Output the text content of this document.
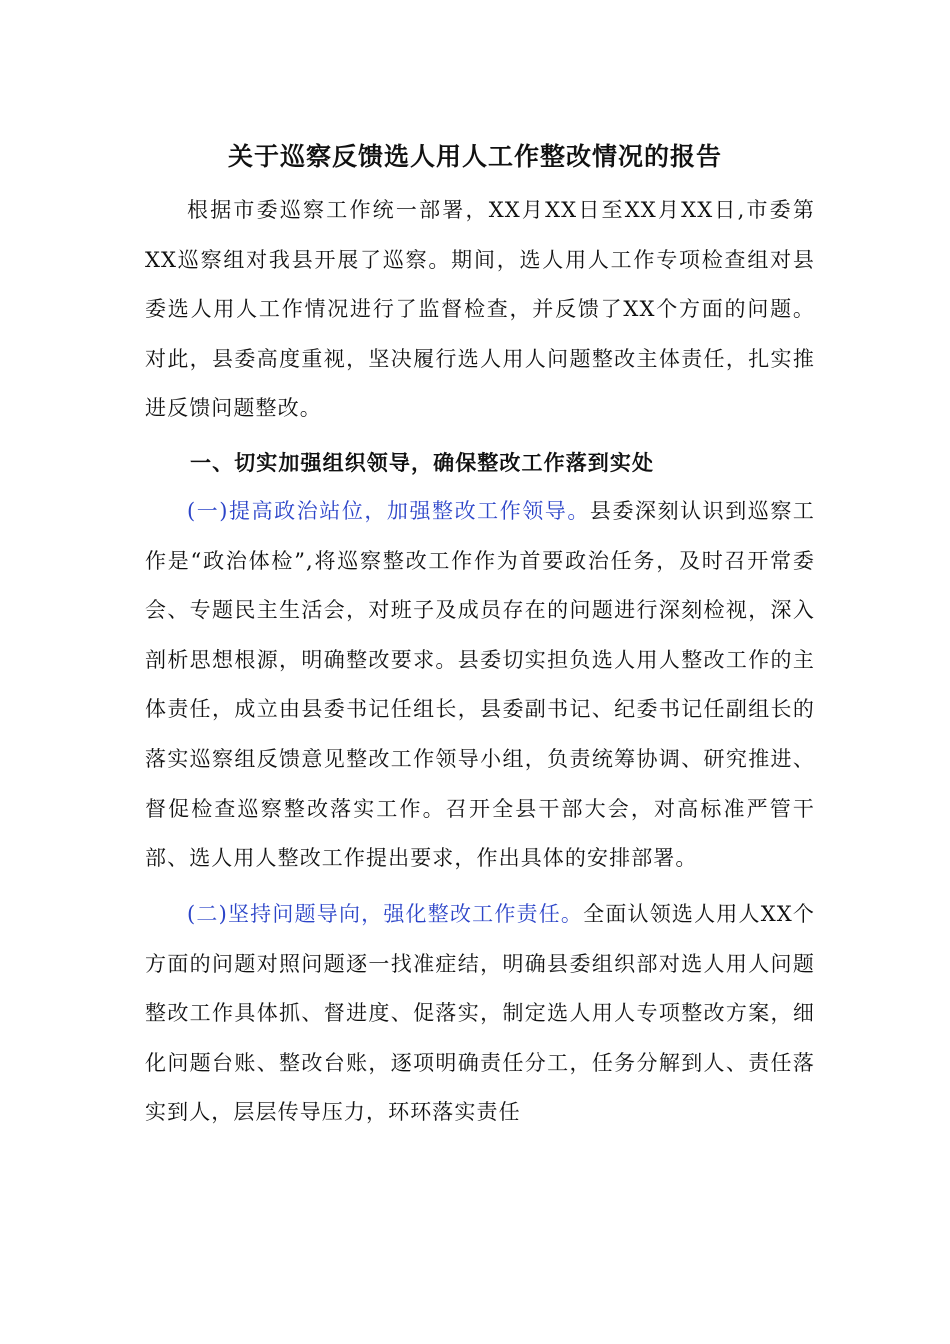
关于巡察反馈选人用人工作整改情况的报告

根据市委巡察工作统一部署，XX月XX日至XX月XX日,市委第XX巡察组对我县开展了巡察。期间，选人用人工作专项检查组对县委选人用人工作情况进行了监督检查，并反馈了XX个方面的问题。对此，县委高度重视，坚决履行选人用人问题整改主体责任，扎实推进反馈问题整改。

一、切实加强组织领导，确保整改工作落到实处

(一)提高政治站位，加强整改工作领导。县委深刻认识到巡察工作是“政治体检”,将巡察整改工作作为首要政治任务，及时召开常委会、专题民主生活会，对班子及成员存在的问题进行深刻检视，深入剖析思想根源，明确整改要求。县委切实担负选人用人整改工作的主体责任，成立由县委书记任组长，县委副书记、纪委书记任副组长的落实巡察组反馈意见整改工作领导小组，负责统筹协调、研究推进、督促检查巡察整改落实工作。召开全县干部大会，对高标准严管干部、选人用人整改工作提出要求，作出具体的安排部署。

(二)坚持问题导向，强化整改工作责任。全面认领选人用人XX个方面的问题对照问题逐一找准症结，明确县委组织部对选人用人问题整改工作具体抓、督进度、促落实，制定选人用人专项整改方案，细化问题台账、整改台账，逐项明确责任分工，任务分解到人、责任落实到人，层层传导压力，环环落实责任
